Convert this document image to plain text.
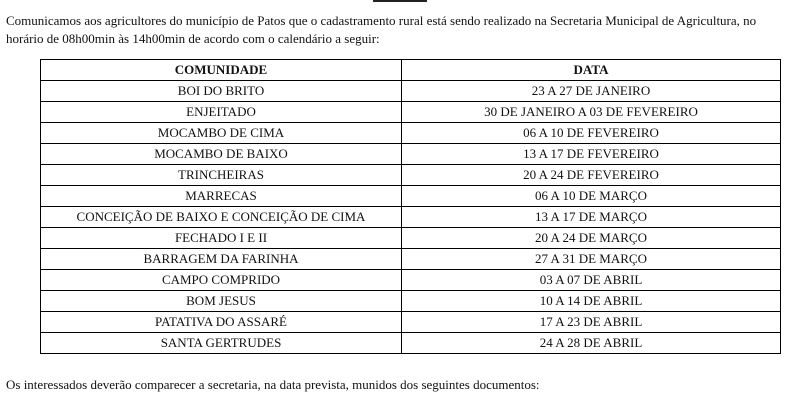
Comunicamos aos agricultores do município de Patos que o cadastramento rural está sendo realizado na Secretaria Municipal de Agricultura, no horário de 08h00min às 14h00min de acordo com o calendário a seguir:

COMUNIDADE	DATA
BOI DO BRITO	23 A 27 DE JANEIRO
ENJEITADO	30 DE JANEIRO A 03 DE FEVEREIRO
MOCAMBO DE CIMA	06 A 10 DE FEVEREIRO
MOCAMBO DE BAIXO	13 A 17 DE FEVEREIRO
TRINCHEIRAS	20 A 24 DE FEVEREIRO
MARRECAS	06 A 10 DE MARÇO
CONCEIÇÃO DE BAIXO E CONCEIÇÃO DE CIMA	13 A 17 DE MARÇO
FECHADO I E II	20 A 24 DE MARÇO
BARRAGEM DA FARINHA	27 A 31 DE MARÇO
CAMPO COMPRIDO	03 A 07 DE ABRIL
BOM JESUS	10 A 14 DE ABRIL
PATATIVA DO ASSARÉ	17 A 23 DE ABRIL
SANTA GERTRUDES	24 A 28 DE ABRIL

Os interessados deverão comparecer a secretaria, na data prevista, munidos dos seguintes documentos:
